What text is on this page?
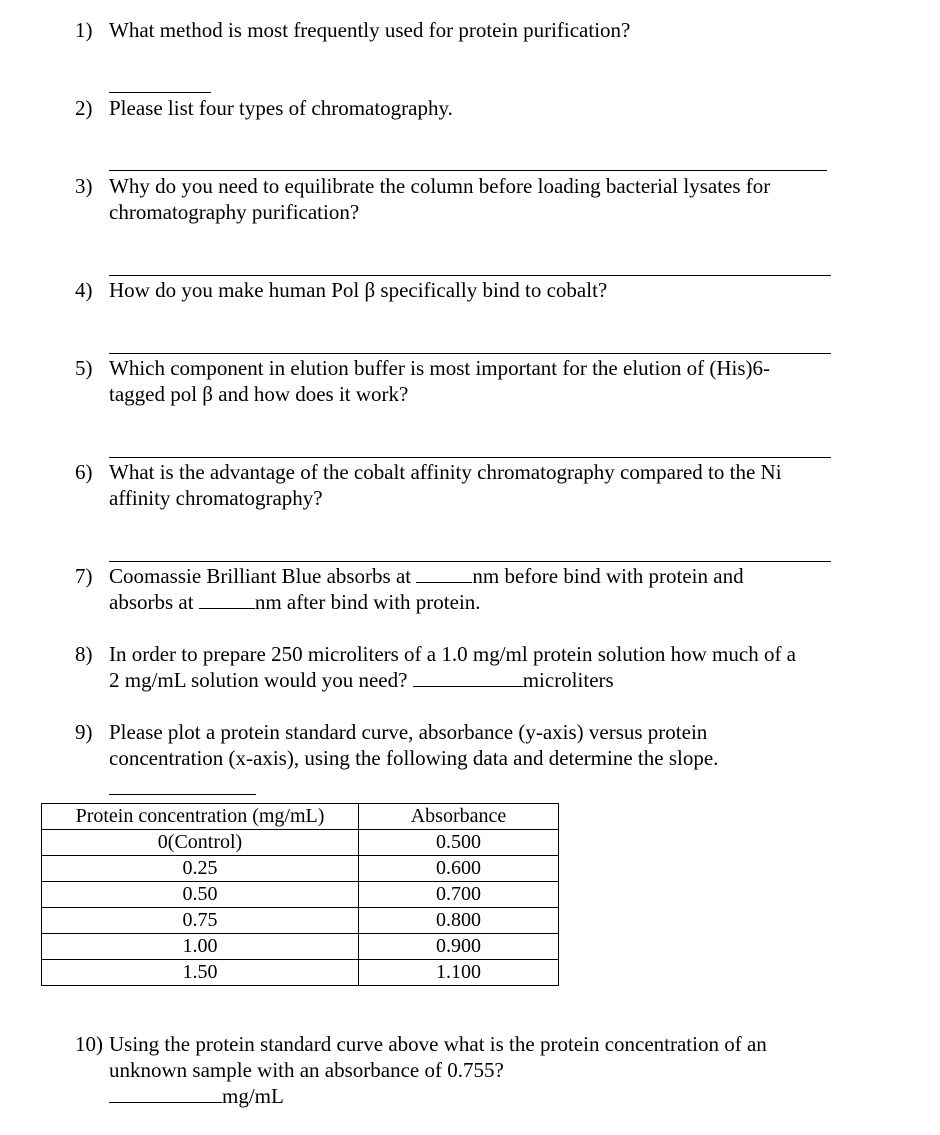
1) What method is most frequently used for protein purification?
2) Please list four types of chromatography.
3) Why do you need to equilibrate the column before loading bacterial lysates for
chromatography purification?
4) How do you make human Pol β specifically bind to cobalt?
5) Which component in elution buffer is most important for the elution of (His)6-
tagged pol β and how does it work?
6) What is the advantage of the cobalt affinity chromatography compared to the Ni
affinity chromatography?
7) Coomassie Brilliant Blue absorbs at	nm before bind with protein and
absorbs at	nm after bind with protein.
8) In order to prepare 250 microliters of a 1.0 mg/ml protein solution how much of a
2 mg/mL solution would you need?	microliters
9) Please plot a protein standard curve, absorbance (y-axis) versus protein
concentration (x-axis), using the following data and determine the slope.
Protein concentration (mg/mL)	Absorbance
0(Control)	0.500
0.25	0.600
0.50	0.700
0.75	0.800
1.00	0.900
1.50	1.100
10) Using the protein standard curve above what is the protein concentration of an
unknown sample with an absorbance of 0.755?
mg/mL
